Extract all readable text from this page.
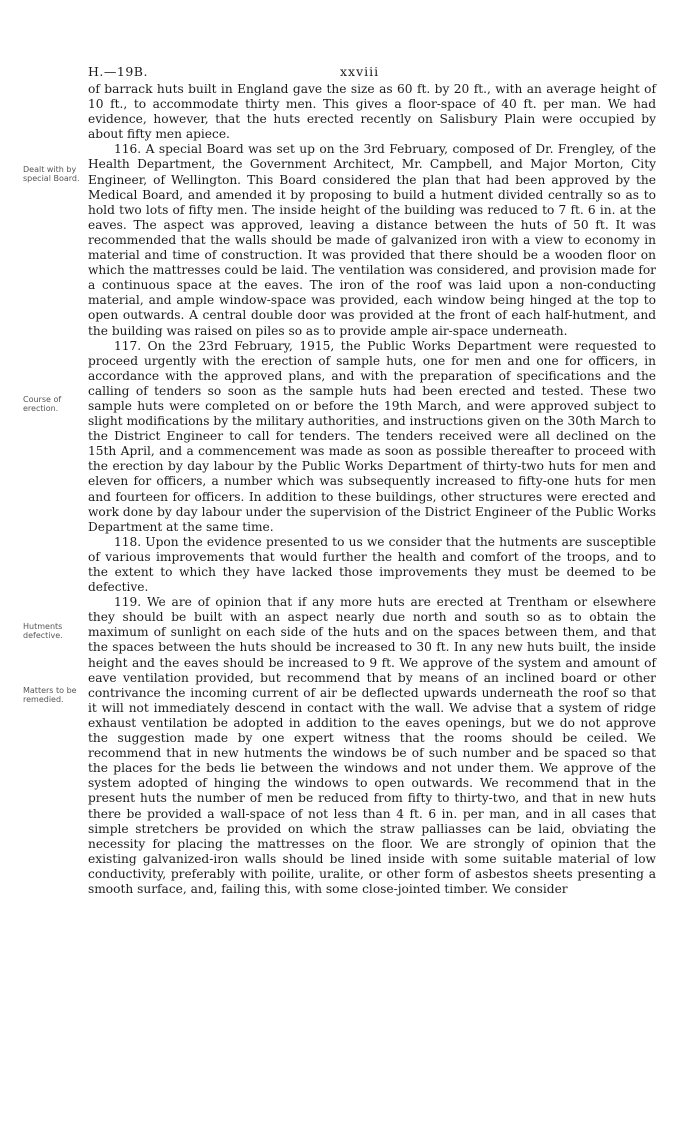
H.—19B.	xxviii
Dealt with by special Board.
Course of erection.
Hutments defective.
Matters to be remedied.

of barrack huts built in England gave the size as 60 ft. by 20 ft., with an average height of 10 ft., to accommodate thirty men. This gives a floor-space of 40 ft. per man. We had evidence, however, that the huts erected recently on Salisbury Plain were occupied by about fifty men apiece.

116. A special Board was set up on the 3rd February, composed of Dr. Frengley, of the Health Department, the Government Architect, Mr. Campbell, and Major Morton, City Engineer, of Wellington. This Board considered the plan that had been approved by the Medical Board, and amended it by proposing to build a hutment divided centrally so as to hold two lots of fifty men. The inside height of the building was reduced to 7 ft. 6 in. at the eaves. The aspect was approved, leaving a distance between the huts of 50 ft. It was recommended that the walls should be made of galvanized iron with a view to economy in material and time of construction. It was provided that there should be a wooden floor on which the mattresses could be laid. The ventilation was considered, and provision made for a continuous space at the eaves. The iron of the roof was laid upon a non-conducting material, and ample window-space was provided, each window being hinged at the top to open outwards. A central double door was provided at the front of each half-hutment, and the building was raised on piles so as to provide ample air-space underneath.

117. On the 23rd February, 1915, the Public Works Department were requested to proceed urgently with the erection of sample huts, one for men and one for officers, in accordance with the approved plans, and with the preparation of specifications and the calling of tenders so soon as the sample huts had been erected and tested. These two sample huts were completed on or before the 19th March, and were approved subject to slight modifications by the military authorities, and instructions given on the 30th March to the District Engineer to call for tenders. The tenders received were all declined on the 15th April, and a commencement was made as soon as possible thereafter to proceed with the erection by day labour by the Public Works Department of thirty-two huts for men and eleven for officers, a number which was subsequently increased to fifty-one huts for men and fourteen for officers. In addition to these buildings, other structures were erected and work done by day labour under the supervision of the District Engineer of the Public Works Department at the same time.

118. Upon the evidence presented to us we consider that the hutments are susceptible of various improvements that would further the health and comfort of the troops, and to the extent to which they have lacked those improvements they must be deemed to be defective.

119. We are of opinion that if any more huts are erected at Trentham or elsewhere they should be built with an aspect nearly due north and south so as to obtain the maximum of sunlight on each side of the huts and on the spaces between them, and that the spaces between the huts should be increased to 30 ft. In any new huts built, the inside height and the eaves should be increased to 9 ft. We approve of the system and amount of eave ventilation provided, but recommend that by means of an inclined board or other contrivance the incoming current of air be deflected upwards underneath the roof so that it will not immediately descend in contact with the wall. We advise that a system of ridge exhaust ventilation be adopted in addition to the eaves openings, but we do not approve the suggestion made by one expert witness that the rooms should be ceiled. We recommend that in new hutments the windows be of such number and be spaced so that the places for the beds lie between the windows and not under them. We approve of the system adopted of hinging the windows to open outwards. We recommend that in the present huts the number of men be reduced from fifty to thirty-two, and that in new huts there be provided a wall-space of not less than 4 ft. 6 in. per man, and in all cases that simple stretchers be provided on which the straw palliasses can be laid, obviating the necessity for placing the mattresses on the floor. We are strongly of opinion that the existing galvanized-iron walls should be lined inside with some suitable material of low conductivity, preferably with poilite, uralite, or other form of asbestos sheets presenting a smooth surface, and, failing this, with some close-jointed timber. We consider
